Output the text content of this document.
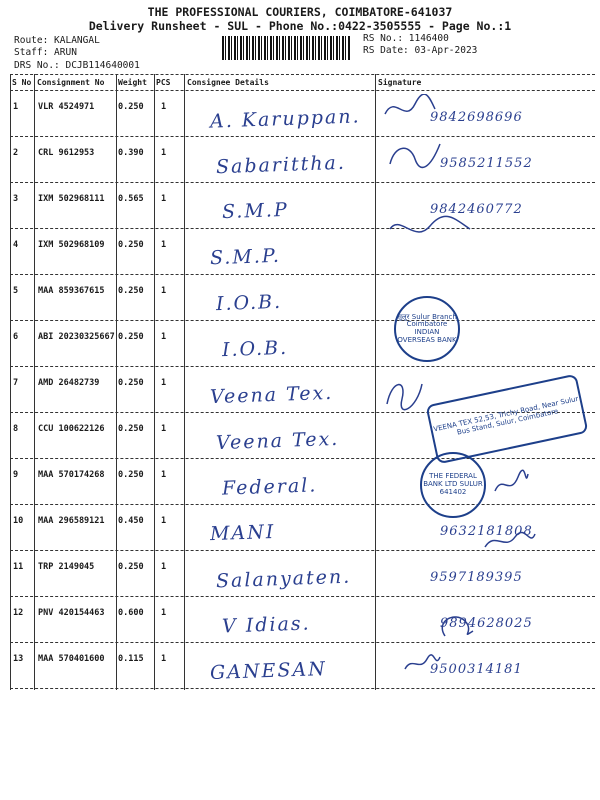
THE PROFESSIONAL COURIERS, COIMBATORE-641037
Delivery Runsheet - SUL - Phone No.:0422-3505555 - Page No.:1
Route: KALANGAL
Staff: ARUN
DRS No.: DCJB114640001
RS No.: 1146400
RS Date: 03-Apr-2023
S No Consignment No Weight PCS Consignee Details	Signature
1 VLR 4524971	0.250 1 A. Karuppan.	9842698696
2 CRL 9612953	0.390 1	Sabarittha.	9585211552
3 IXM 502968111 0.565 1	S.M.P	9842460772
4 IXM 502968109 0.250 1 S.M.P.
5 MAA 859367615 0.250 1	I.O.B.
6 ABI 20230325667 0.250 1	I.O.B.
7 AMD 26482739 0.250 1 Veena Tex.
8 CCU 100622126 0.250 1	Veena Tex.
9 MAA 570174268 0.250 1	Federal.
10 MAA 296589121 0.450 1 MANI	9632181808
11 TRP 2149045	0.250 1	Salanyaten.	9597189395
12 PNV 420154463 0.600 1	V Idias.	9894628025
13 MAA 570401600 0.115 1 GANESAN	9500314181
सूलूर Sulur Branch Coimbatore INDIAN OVERSEAS BANK
VEENA TEX 52,53, Trichy Road, Near Sulur Bus Stand, Sulur, Coimbatore
THE FEDERAL BANK LTD SULUR 641402
